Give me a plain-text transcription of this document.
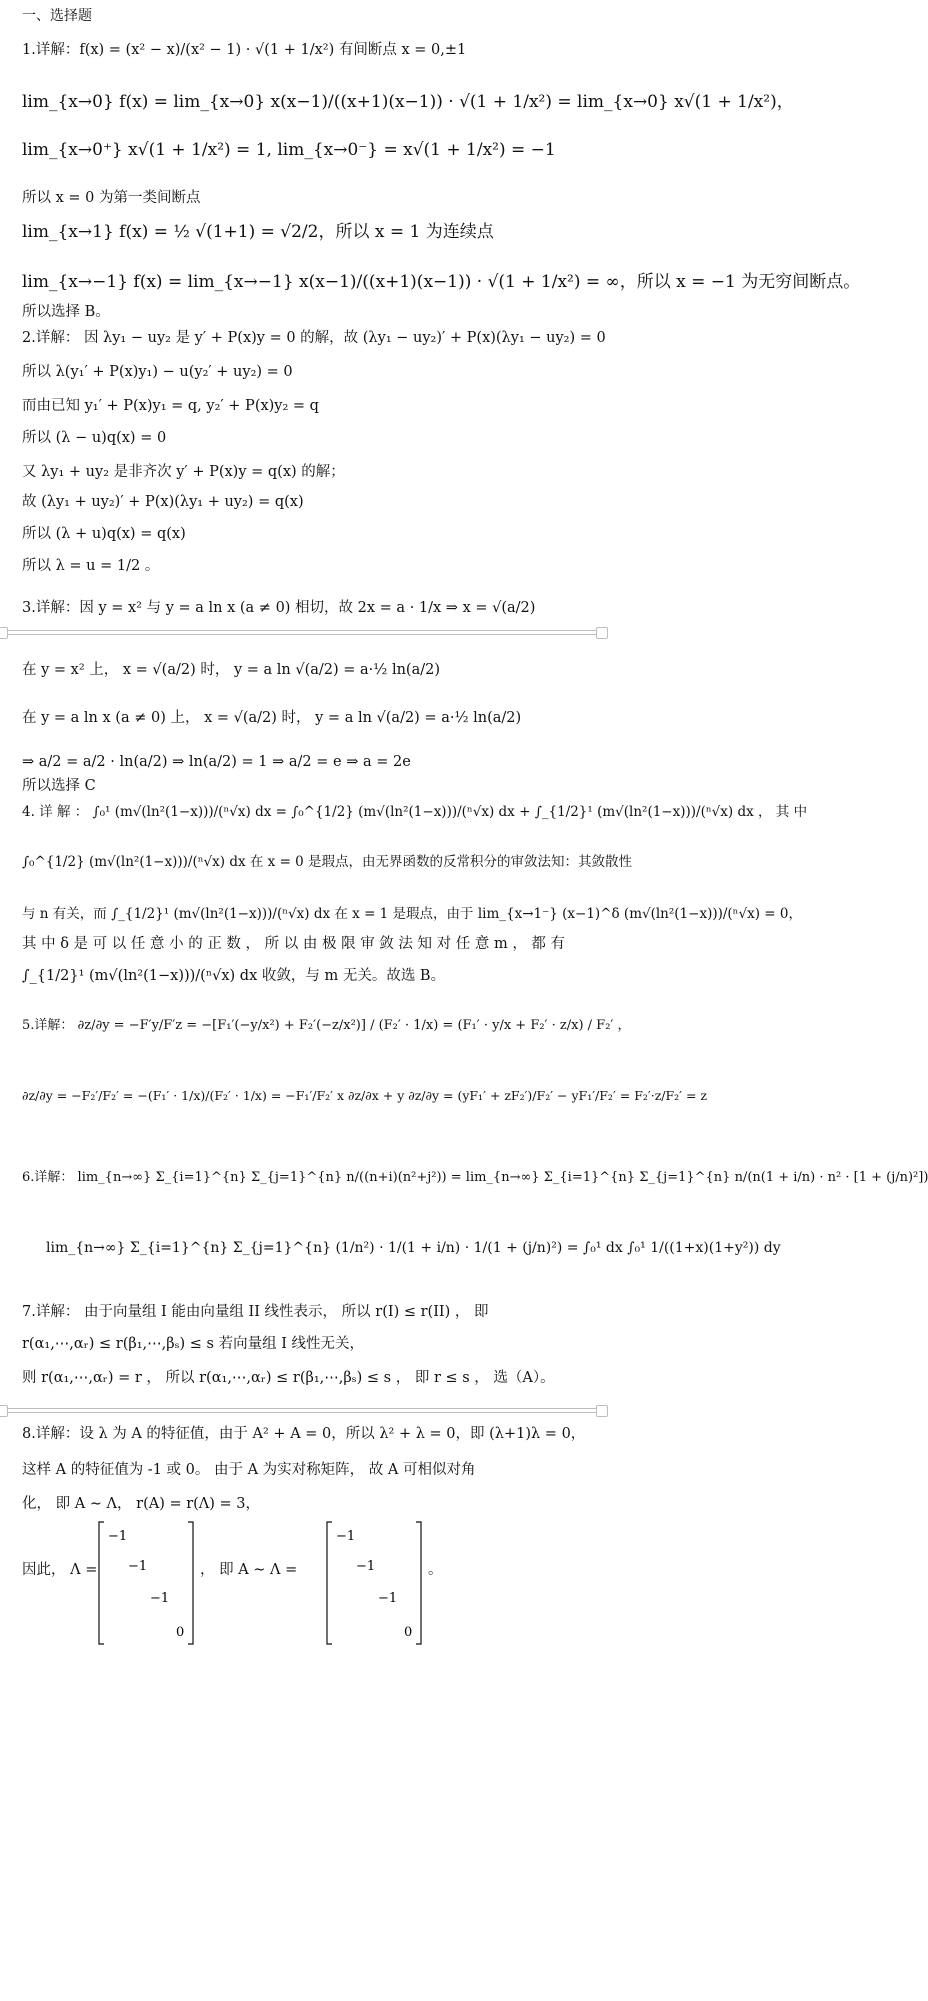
一、选择题
1.详解：f(x) = (x² − x)/(x² − 1) · √(1 + 1/x²) 有间断点 x = 0,±1
lim_{x→0} f(x) = lim_{x→0} x(x−1)/((x+1)(x−1)) · √(1 + 1/x²) = lim_{x→0} x√(1 + 1/x²)，
lim_{x→0⁺} x√(1 + 1/x²) = 1, lim_{x→0⁻} = x√(1 + 1/x²) = −1
所以 x = 0 为第一类间断点
lim_{x→1} f(x) = ½ √(1+1) = √2/2，所以 x = 1 为连续点
lim_{x→−1} f(x) = lim_{x→−1} x(x−1)/((x+1)(x−1)) · √(1 + 1/x²) = ∞，所以 x = −1 为无穷间断点。
所以选择 B。
2.详解： 因 λy₁ − uy₂ 是 y′ + P(x)y = 0 的解，故 (λy₁ − uy₂)′ + P(x)(λy₁ − uy₂) = 0
所以 λ(y₁′ + P(x)y₁) − u(y₂′ + uy₂) = 0
而由已知 y₁′ + P(x)y₁ = q, y₂′ + P(x)y₂ = q
所以 (λ − u)q(x) = 0
又 λy₁ + uy₂ 是非齐次 y′ + P(x)y = q(x) 的解；
故 (λy₁ + uy₂)′ + P(x)(λy₁ + uy₂) = q(x)
所以 (λ + u)q(x) = q(x)
所以 λ = u = 1/2 。
3.详解：因 y = x² 与 y = a ln x (a ≠ 0) 相切，故 2x = a · 1/x ⇒ x = √(a/2)
在 y = x² 上， x = √(a/2) 时， y = a ln √(a/2) = a·½ ln(a/2)
在 y = a ln x (a ≠ 0) 上， x = √(a/2) 时， y = a ln √(a/2) = a·½ ln(a/2)
⇒ a/2 = a/2 · ln(a/2) ⇒ ln(a/2) = 1 ⇒ a/2 = e ⇒ a = 2e
所以选择 C
4. 详 解 ： ∫₀¹ (m√(ln²(1−x)))/(ⁿ√x) dx = ∫₀^{1/2} (m√(ln²(1−x)))/(ⁿ√x) dx + ∫_{1/2}¹ (m√(ln²(1−x)))/(ⁿ√x) dx ， 其 中
∫₀^{1/2} (m√(ln²(1−x)))/(ⁿ√x) dx 在 x = 0 是瑕点，由无界函数的反常积分的审敛法知：其敛散性
与 n 有关，而 ∫_{1/2}¹ (m√(ln²(1−x)))/(ⁿ√x) dx 在 x = 1 是瑕点，由于 lim_{x→1⁻} (x−1)^δ (m√(ln²(1−x)))/(ⁿ√x) = 0，
其 中 δ 是 可 以 任 意 小 的 正 数 ， 所 以 由 极 限 审 敛 法 知 对 任 意 m ， 都 有
∫_{1/2}¹ (m√(ln²(1−x)))/(ⁿ√x) dx 收敛，与 m 无关。故选 B。
5.详解： ∂z/∂y = −F′y/F′z = −[F₁′(−y/x²) + F₂′(−z/x²)] / (F₂′ · 1/x) = (F₁′ · y/x + F₂′ · z/x) / F₂′ ，
∂z/∂y = −F₂′/F₂′ = −(F₁′ · 1/x)/(F₂′ · 1/x) = −F₁′/F₂′ x ∂z/∂x + y ∂z/∂y = (yF₁′ + zF₂′)/F₂′ − yF₁′/F₂′ = F₂′·z/F₂′ = z
6.详解： lim_{n→∞} Σ_{i=1}^{n} Σ_{j=1}^{n} n/((n+i)(n²+j²)) = lim_{n→∞} Σ_{i=1}^{n} Σ_{j=1}^{n} n/(n(1 + i/n) · n² · [1 + (j/n)²])
lim_{n→∞} Σ_{i=1}^{n} Σ_{j=1}^{n} (1/n²) · 1/(1 + i/n) · 1/(1 + (j/n)²) = ∫₀¹ dx ∫₀¹ 1/((1+x)(1+y²)) dy
7.详解： 由于向量组 I 能由向量组 II 线性表示， 所以 r(I) ≤ r(II) ， 即
r(α₁,⋯,αᵣ) ≤ r(β₁,⋯,βₛ) ≤ s 若向量组 I 线性无关，
则 r(α₁,⋯,αᵣ) = r ， 所以 r(α₁,⋯,αᵣ) ≤ r(β₁,⋯,βₛ) ≤ s ， 即 r ≤ s ， 选（A）。
8.详解：设 λ 为 A 的特征值，由于 A² + A = 0，所以 λ² + λ = 0，即 (λ+1)λ = 0，
这样 A 的特征值为 -1 或 0。 由于 A 为实对称矩阵， 故 A 可相似对角
化， 即 A ∼ Λ， r(A) = r(Λ) = 3，
因此， Λ =
−1
−1
−1
0
， 即 A ∼ Λ =
−1
−1
−1
0
。
